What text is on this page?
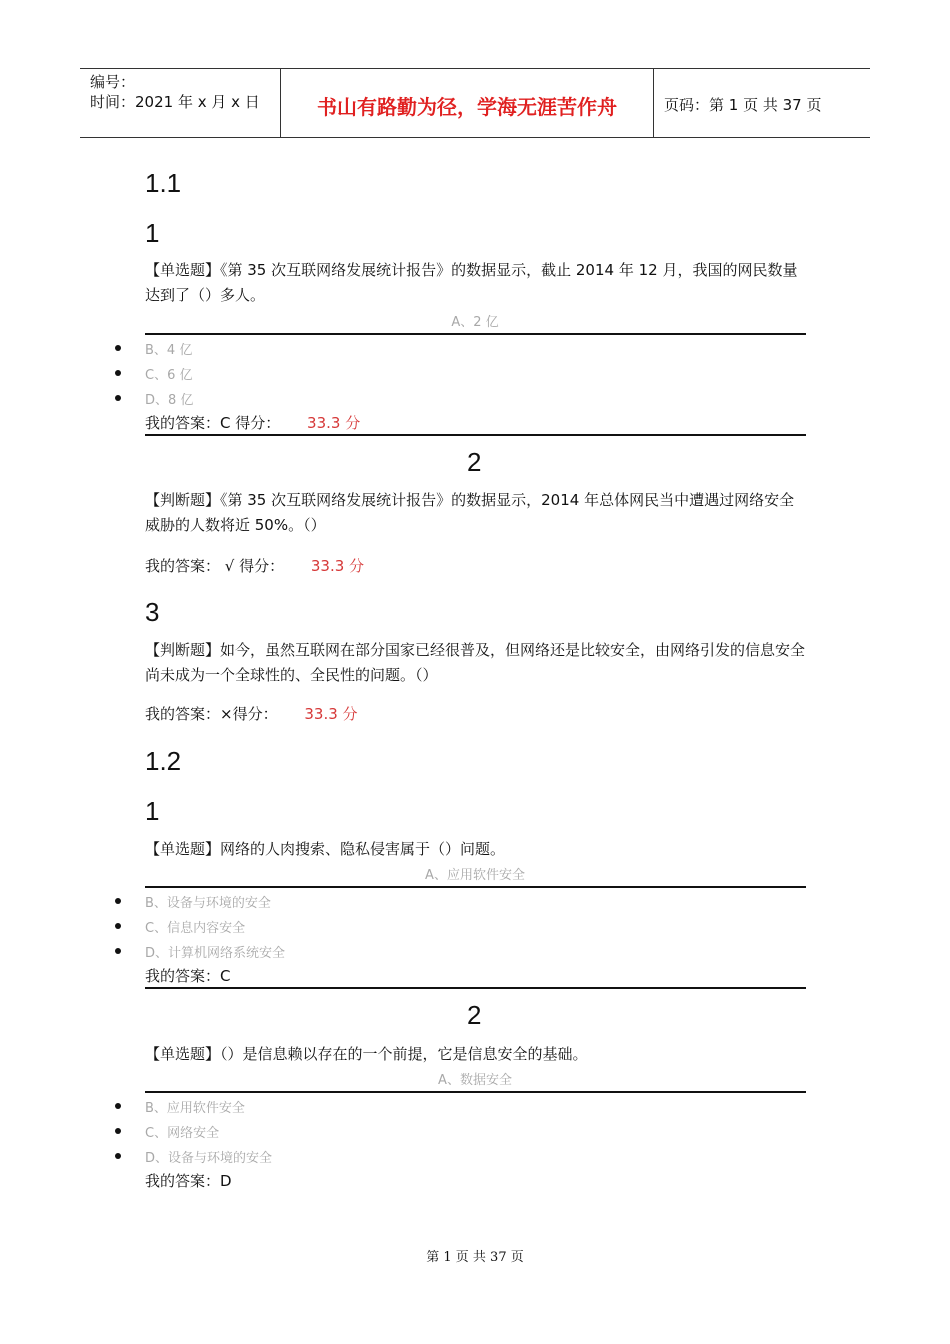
编号：
时间：2021 年 x 月 x 日	书山有路勤为径，学海无涯苦作舟	页码：第 1 页 共 37 页
1.1
1
【单选题】《第 35 次互联网络发展统计报告》的数据显示，截止 2014 年 12 月，我国的网民数量达到了（）多人。
A、2 亿
B、4 亿
C、6 亿
D、8 亿
我的答案：C 得分： 33.3 分
2
【判断题】《第 35 次互联网络发展统计报告》的数据显示，2014 年总体网民当中遭遇过网络安全威胁的人数将近 50%。（）
我的答案： √ 得分： 33.3 分
3
【判断题】如今，虽然互联网在部分国家已经很普及，但网络还是比较安全，由网络引发的信息安全尚未成为一个全球性的、全民性的问题。（）
我的答案：×得分： 33.3 分
1.2
1
【单选题】网络的人肉搜索、隐私侵害属于（）问题。
A、应用软件安全
B、设备与环境的安全
C、信息内容安全
D、计算机网络系统安全
我的答案：C
2
【单选题】（）是信息赖以存在的一个前提，它是信息安全的基础。
A、数据安全
B、应用软件安全
C、网络安全
D、设备与环境的安全
我的答案：D
第 1 页 共 37 页
